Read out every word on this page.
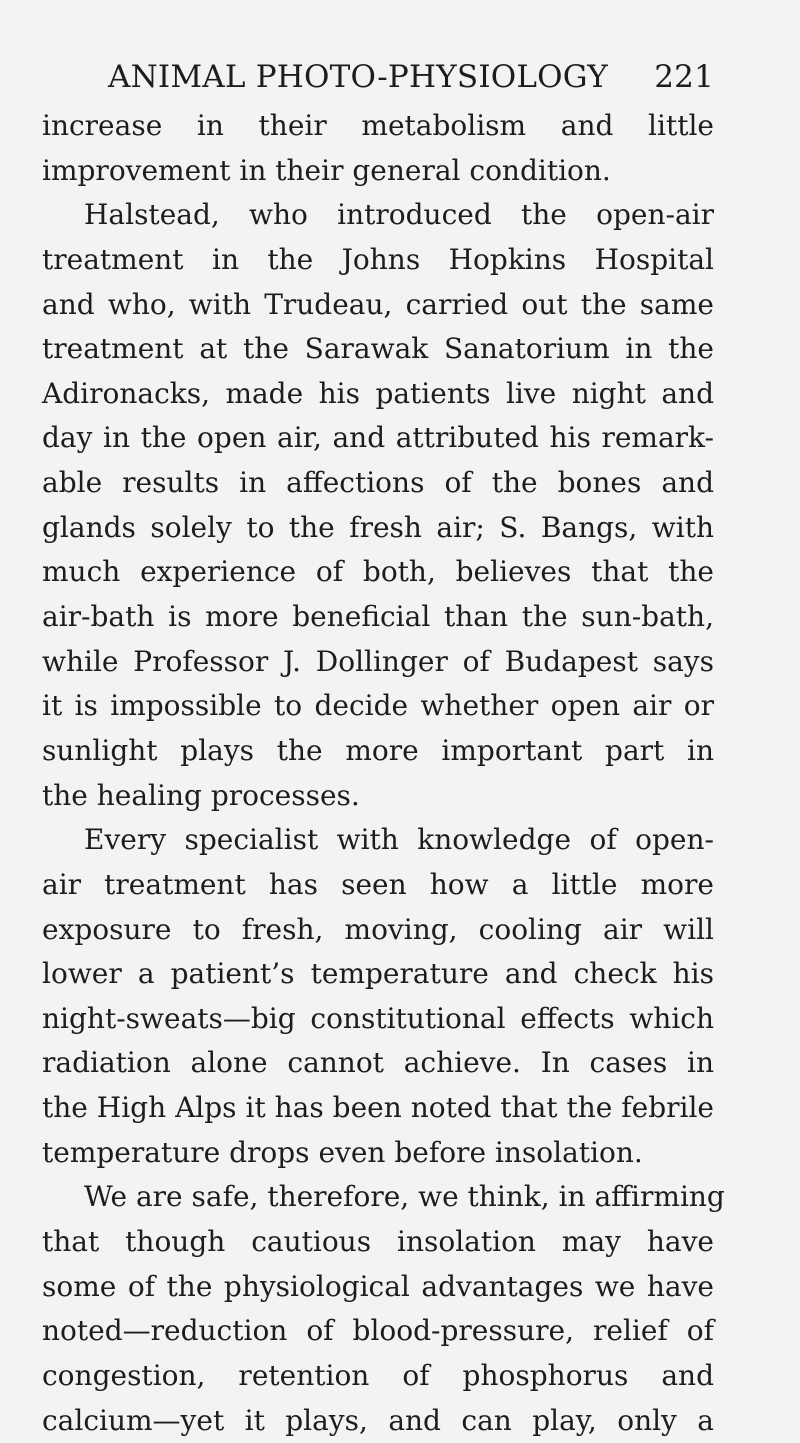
ANIMAL PHOTO-PHYSIOLOGY 221
increase in their metabolism and little
improvement in their general condition.
Halstead, who introduced the open-air
treatment in the Johns Hopkins Hospital
and who, with Trudeau, carried out the same
treatment at the Sarawak Sanatorium in the
Adironacks, made his patients live night and
day in the open air, and attributed his remark-
able results in affections of the bones and
glands solely to the fresh air; S. Bangs, with
much experience of both, believes that the
air-bath is more beneficial than the sun-bath,
while Professor J. Dollinger of Budapest says
it is impossible to decide whether open air or
sunlight plays the more important part in
the healing processes.
Every specialist with knowledge of open-
air treatment has seen how a little more
exposure to fresh, moving, cooling air will
lower a patient’s temperature and check his
night-sweats—big constitutional effects which
radiation alone cannot achieve. In cases in
the High Alps it has been noted that the febrile
temperature drops even before insolation.
We are safe, therefore, we think, in affirming
that though cautious insolation may have
some of the physiological advantages we have
noted—reduction of blood-pressure, relief of
congestion, retention of phosphorus and
calcium—yet it plays, and can play, only a
